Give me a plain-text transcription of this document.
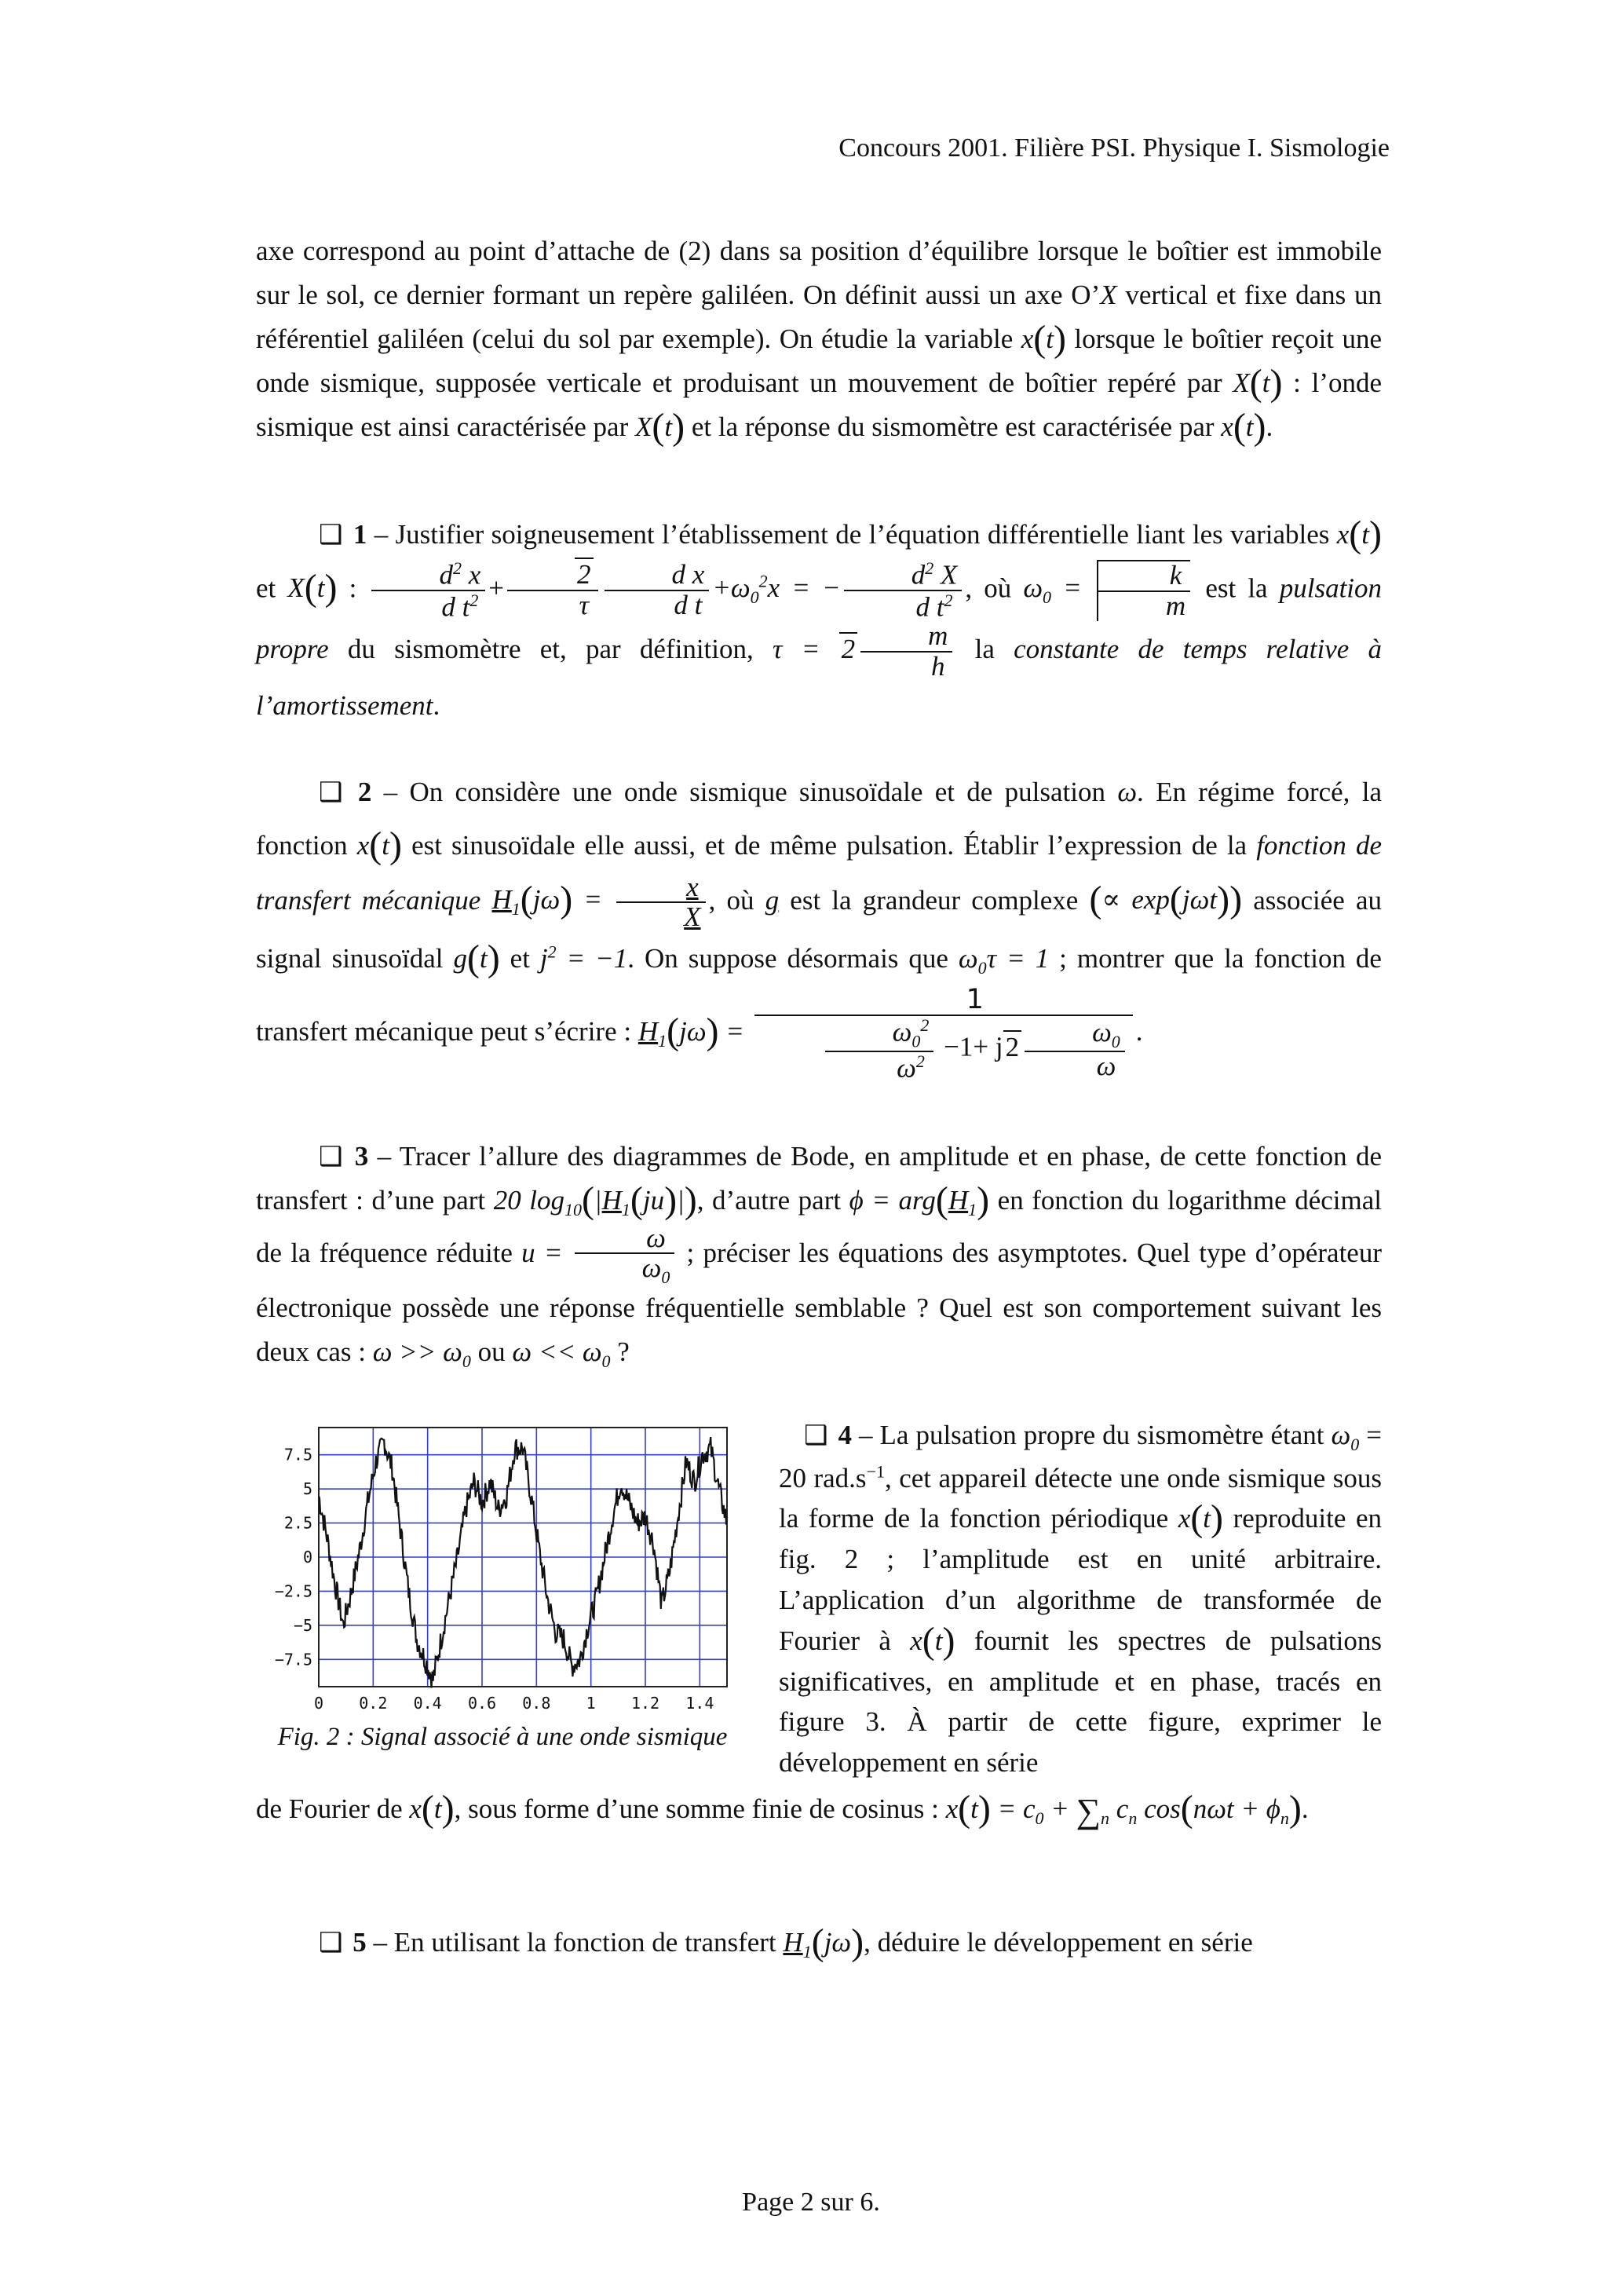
Concours 2001. Filière PSI. Physique I. Sismologie

axe correspond au point d’attache de (2) dans sa position d’équilibre lorsque le boîtier est immobile sur le sol, ce dernier formant un repère galiléen. On définit aussi un axe O’X vertical et fixe dans un référentiel galiléen (celui du sol par exemple). On étudie la variable x(t) lorsque le boîtier reçoit une onde sismique, supposée verticale et produisant un mouvement de boîtier repéré par X(t) : l’onde sismique est ainsi caractérisée par X(t) et la réponse du sismomètre est caractérisée par x(t).

❑ 1 – Justifier soigneusement l’établissement de l’équation différentielle liant les variables x(t) et X(t) : $\frac{d^2 x}{d t^2} + \frac{2}{\tau} \frac{\text{d x}}{\text{d t}} +\omega_0^2x$ = − $\frac{d^2 X}{d t^2}$ , où $\omega_0 = \frac{k}{m}$ est la pulsation propre du sismomètre et, par définition, $\tau = 2 \frac{m}{h}$ la constante de temps relative à l’amortissement.

❑ 2 – On considère une onde sismique sinusoïdale et de pulsation ω. En régime forcé, la fonction x(t) est sinusoïdale elle aussi, et de même pulsation. Établir l’expression de la fonction de transfert mécanique $H_1(j\omega) = \frac{x}{X}$ , où g est la grandeur complexe (∝ exp(jωt)) associée au signal sinusoïdal g(t) et $j^2 = -1$. On suppose désormais que $\omega_0\tau = 1$ ; montrer que la fonction de transfert mécanique peut s’écrire : $H_1(j\omega) = \frac{1}{\frac{\omega_0^2}{\omega^2} -1+ j2 \frac{\omega_0}{\omega}}$ .

❑ 3 – Tracer l’allure des diagrammes de Bode, en amplitude et en phase, de cette fonction de transfert : d’une part 20 $\log_{10}(|H_1(ju)|)$, d’autre part $\phi = arg(H_1)$ en fonction du logarithme décimal de la fréquence réduite $u = \frac{\omega}{\omega_0}$ ; préciser les équations des asymptotes. Quel type d’opérateur électronique possède une réponse fréquentielle semblable ? Quel est son comportement suivant les deux cas : $\omega >> \omega_0$ ou $\omega << \omega_0$ ?

0 0.2 0.4 0.6 0.8 1 1.2 1.4
7.5
5
2.5
0
−2.5
−5
−7.5
Fig. 2 : Signal associé à une onde sismique

❑ 4 – La pulsation propre du sismomètre étant $\omega_0 = 20$ $rad.s^{-1}$, cet appareil détecte une onde sismique sous la forme de la fonction périodique x(t) reproduite en fig. 2 ; l’amplitude est en unité arbitraire. L’application d’un algorithme de transformée de Fourier à x(t) fournit les spectres de pulsations significatives, en amplitude et en phase, tracés en figure 3. À partir de cette figure, exprimer le développement en série

de Fourier de x(t), sous forme d’une somme finie de cosinus : $x(t) = c_0 + \sum_n$ $c_n$ $\cos(n\omega t + \phi_n)$.

❑ 5 – En utilisant la fonction de transfert $H_1(j\omega)$, déduire le développement en série

Page 2 sur 6.
